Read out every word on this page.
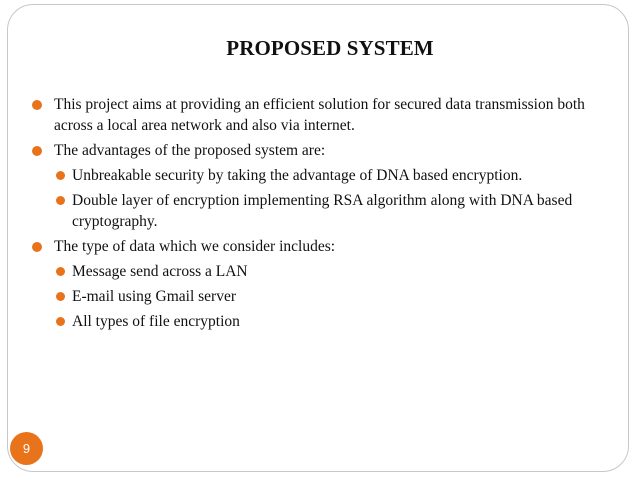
PROPOSED SYSTEM
This project aims at providing an efficient solution for secured data transmission both across a local area network and also via internet.
The advantages of the proposed system are:
Unbreakable security by taking the advantage of DNA based encryption.
Double layer of encryption implementing RSA algorithm along with DNA based cryptography.
The type of data which we consider includes:
Message send across a LAN
E-mail using Gmail server
All types of file encryption
9
